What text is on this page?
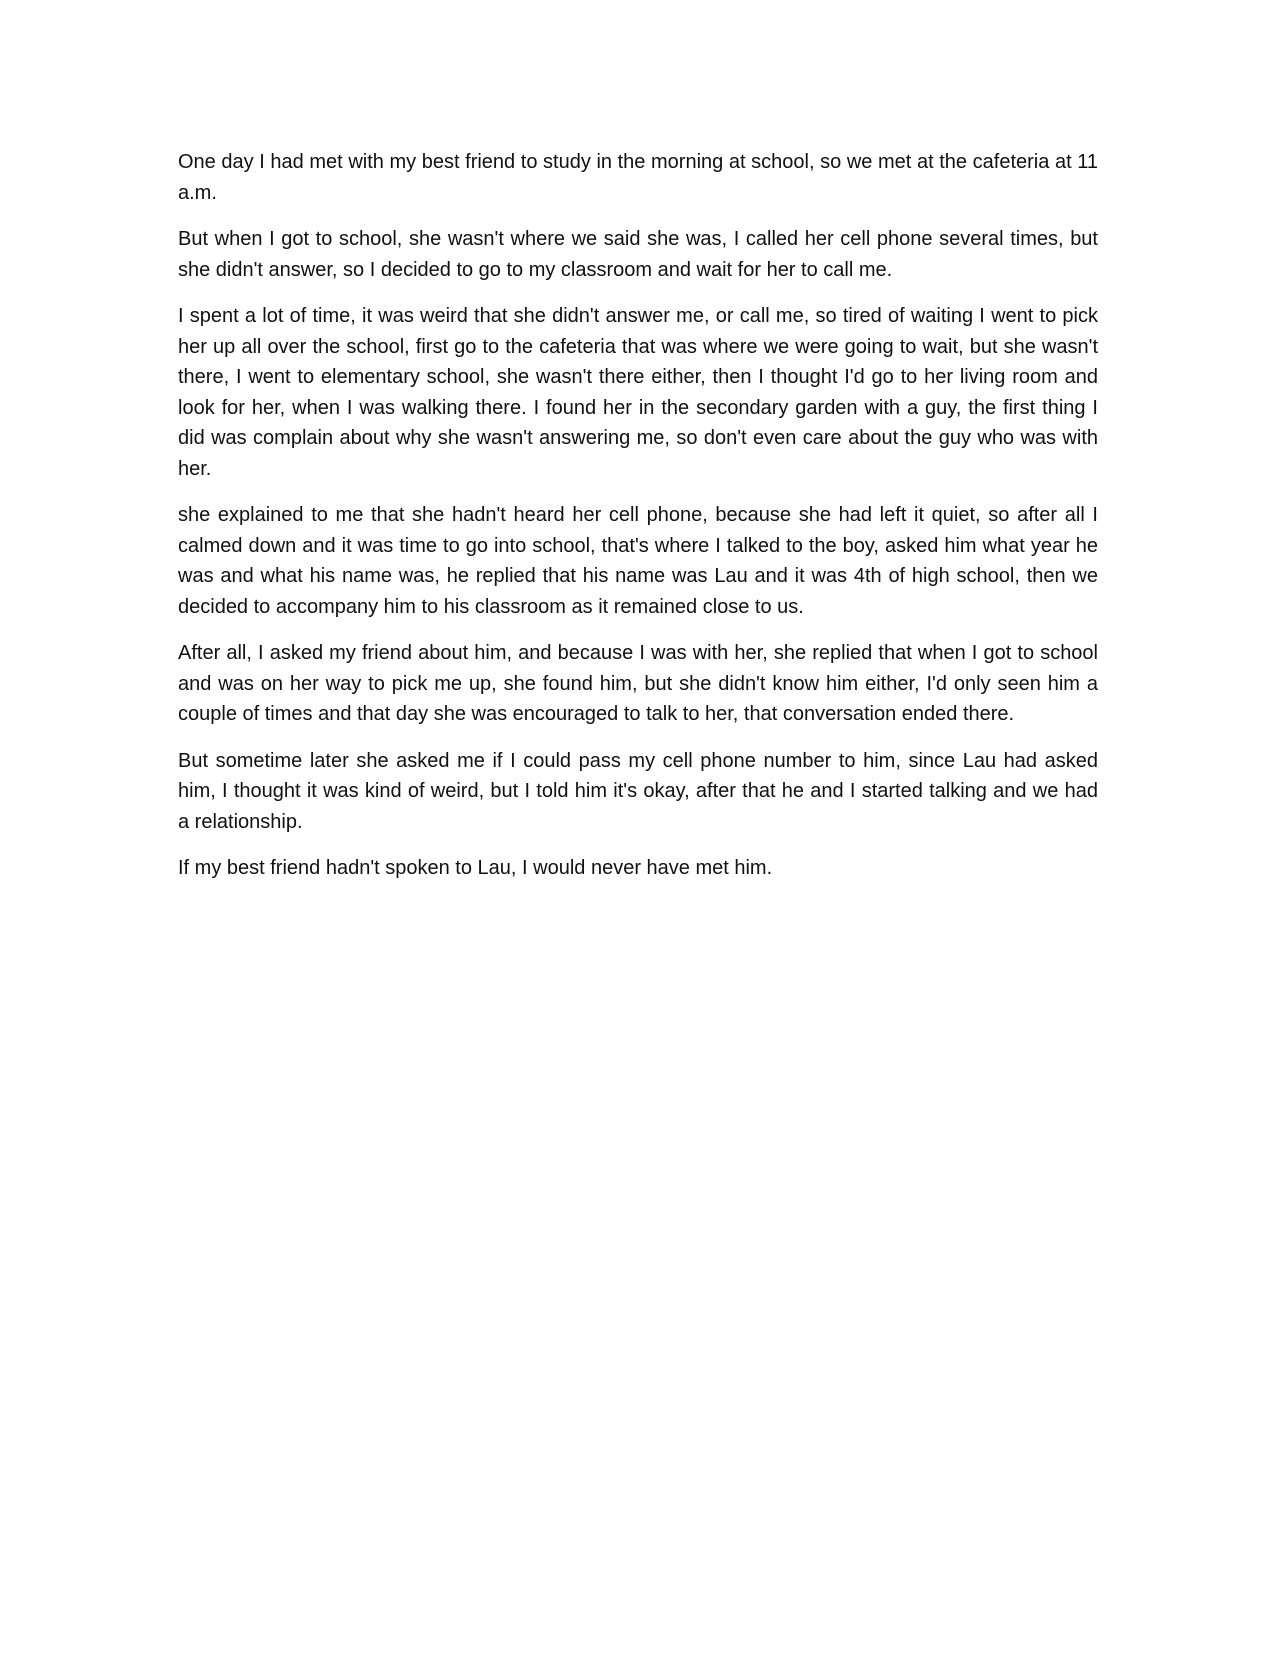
One day I had met with my best friend to study in the morning at school, so we met at the cafeteria at 11 a.m.

But when I got to school, she wasn't where we said she was, I called her cell phone several times, but she didn't answer, so I decided to go to my classroom and wait for her to call me.

I spent a lot of time, it was weird that she didn't answer me, or call me, so tired of waiting I went to pick her up all over the school, first go to the cafeteria that was where we were going to wait, but she wasn't there, I went to elementary school, she wasn't there either, then I thought I'd go to her living room and look for her, when I was walking there. I found her in the secondary garden with a guy, the first thing I did was complain about why she wasn't answering me, so don't even care about the guy who was with her.

she explained to me that she hadn't heard her cell phone, because she had left it quiet, so after all I calmed down and it was time to go into school, that's where I talked to the boy, asked him what year he was and what his name was, he replied that his name was Lau and it was 4th of high school, then we decided to accompany him to his classroom as it remained close to us.

After all, I asked my friend about him, and because I was with her, she replied that when I got to school and was on her way to pick me up, she found him, but she didn't know him either, I'd only seen him a couple of times and that day she was encouraged to talk to her, that conversation ended there.

But sometime later she asked me if I could pass my cell phone number to him, since Lau had asked him, I thought it was kind of weird, but I told him it's okay, after that he and I started talking and we had a relationship.

If my best friend hadn't spoken to Lau, I would never have met him.
